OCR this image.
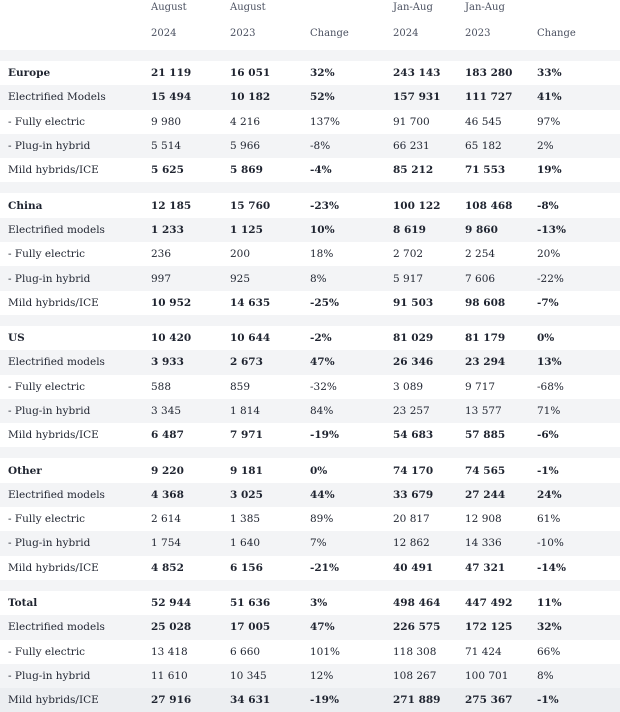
	August	August		Jan-Aug	Jan-Aug	
	2024	2023	Change	2024	2023	Change

Europe	21 119	16 051	32%	243 143	183 280	33%
Electrified Models	15 494	10 182	52%	157 931	111 727	41%
- Fully electric	9 980	4 216	137%	91 700	46 545	97%
- Plug-in hybrid	5 514	5 966	-8%	66 231	65 182	2%
Mild hybrids/ICE	5 625	5 869	-4%	85 212	71 553	19%

China	12 185	15 760	-23%	100 122	108 468	-8%
Electrified models	1 233	1 125	10%	8 619	9 860	-13%
- Fully electric	236	200	18%	2 702	2 254	20%
- Plug-in hybrid	997	925	8%	5 917	7 606	-22%
Mild hybrids/ICE	10 952	14 635	-25%	91 503	98 608	-7%

US	10 420	10 644	-2%	81 029	81 179	0%
Electrified models	3 933	2 673	47%	26 346	23 294	13%
- Fully electric	588	859	-32%	3 089	9 717	-68%
- Plug-in hybrid	3 345	1 814	84%	23 257	13 577	71%
Mild hybrids/ICE	6 487	7 971	-19%	54 683	57 885	-6%

Other	9 220	9 181	0%	74 170	74 565	-1%
Electrified models	4 368	3 025	44%	33 679	27 244	24%
- Fully electric	2 614	1 385	89%	20 817	12 908	61%
- Plug-in hybrid	1 754	1 640	7%	12 862	14 336	-10%
Mild hybrids/ICE	4 852	6 156	-21%	40 491	47 321	-14%

Total	52 944	51 636	3%	498 464	447 492	11%
Electrified models	25 028	17 005	47%	226 575	172 125	32%
- Fully electric	13 418	6 660	101%	118 308	71 424	66%
- Plug-in hybrid	11 610	10 345	12%	108 267	100 701	8%
Mild hybrids/ICE	27 916	34 631	-19%	271 889	275 367	-1%
